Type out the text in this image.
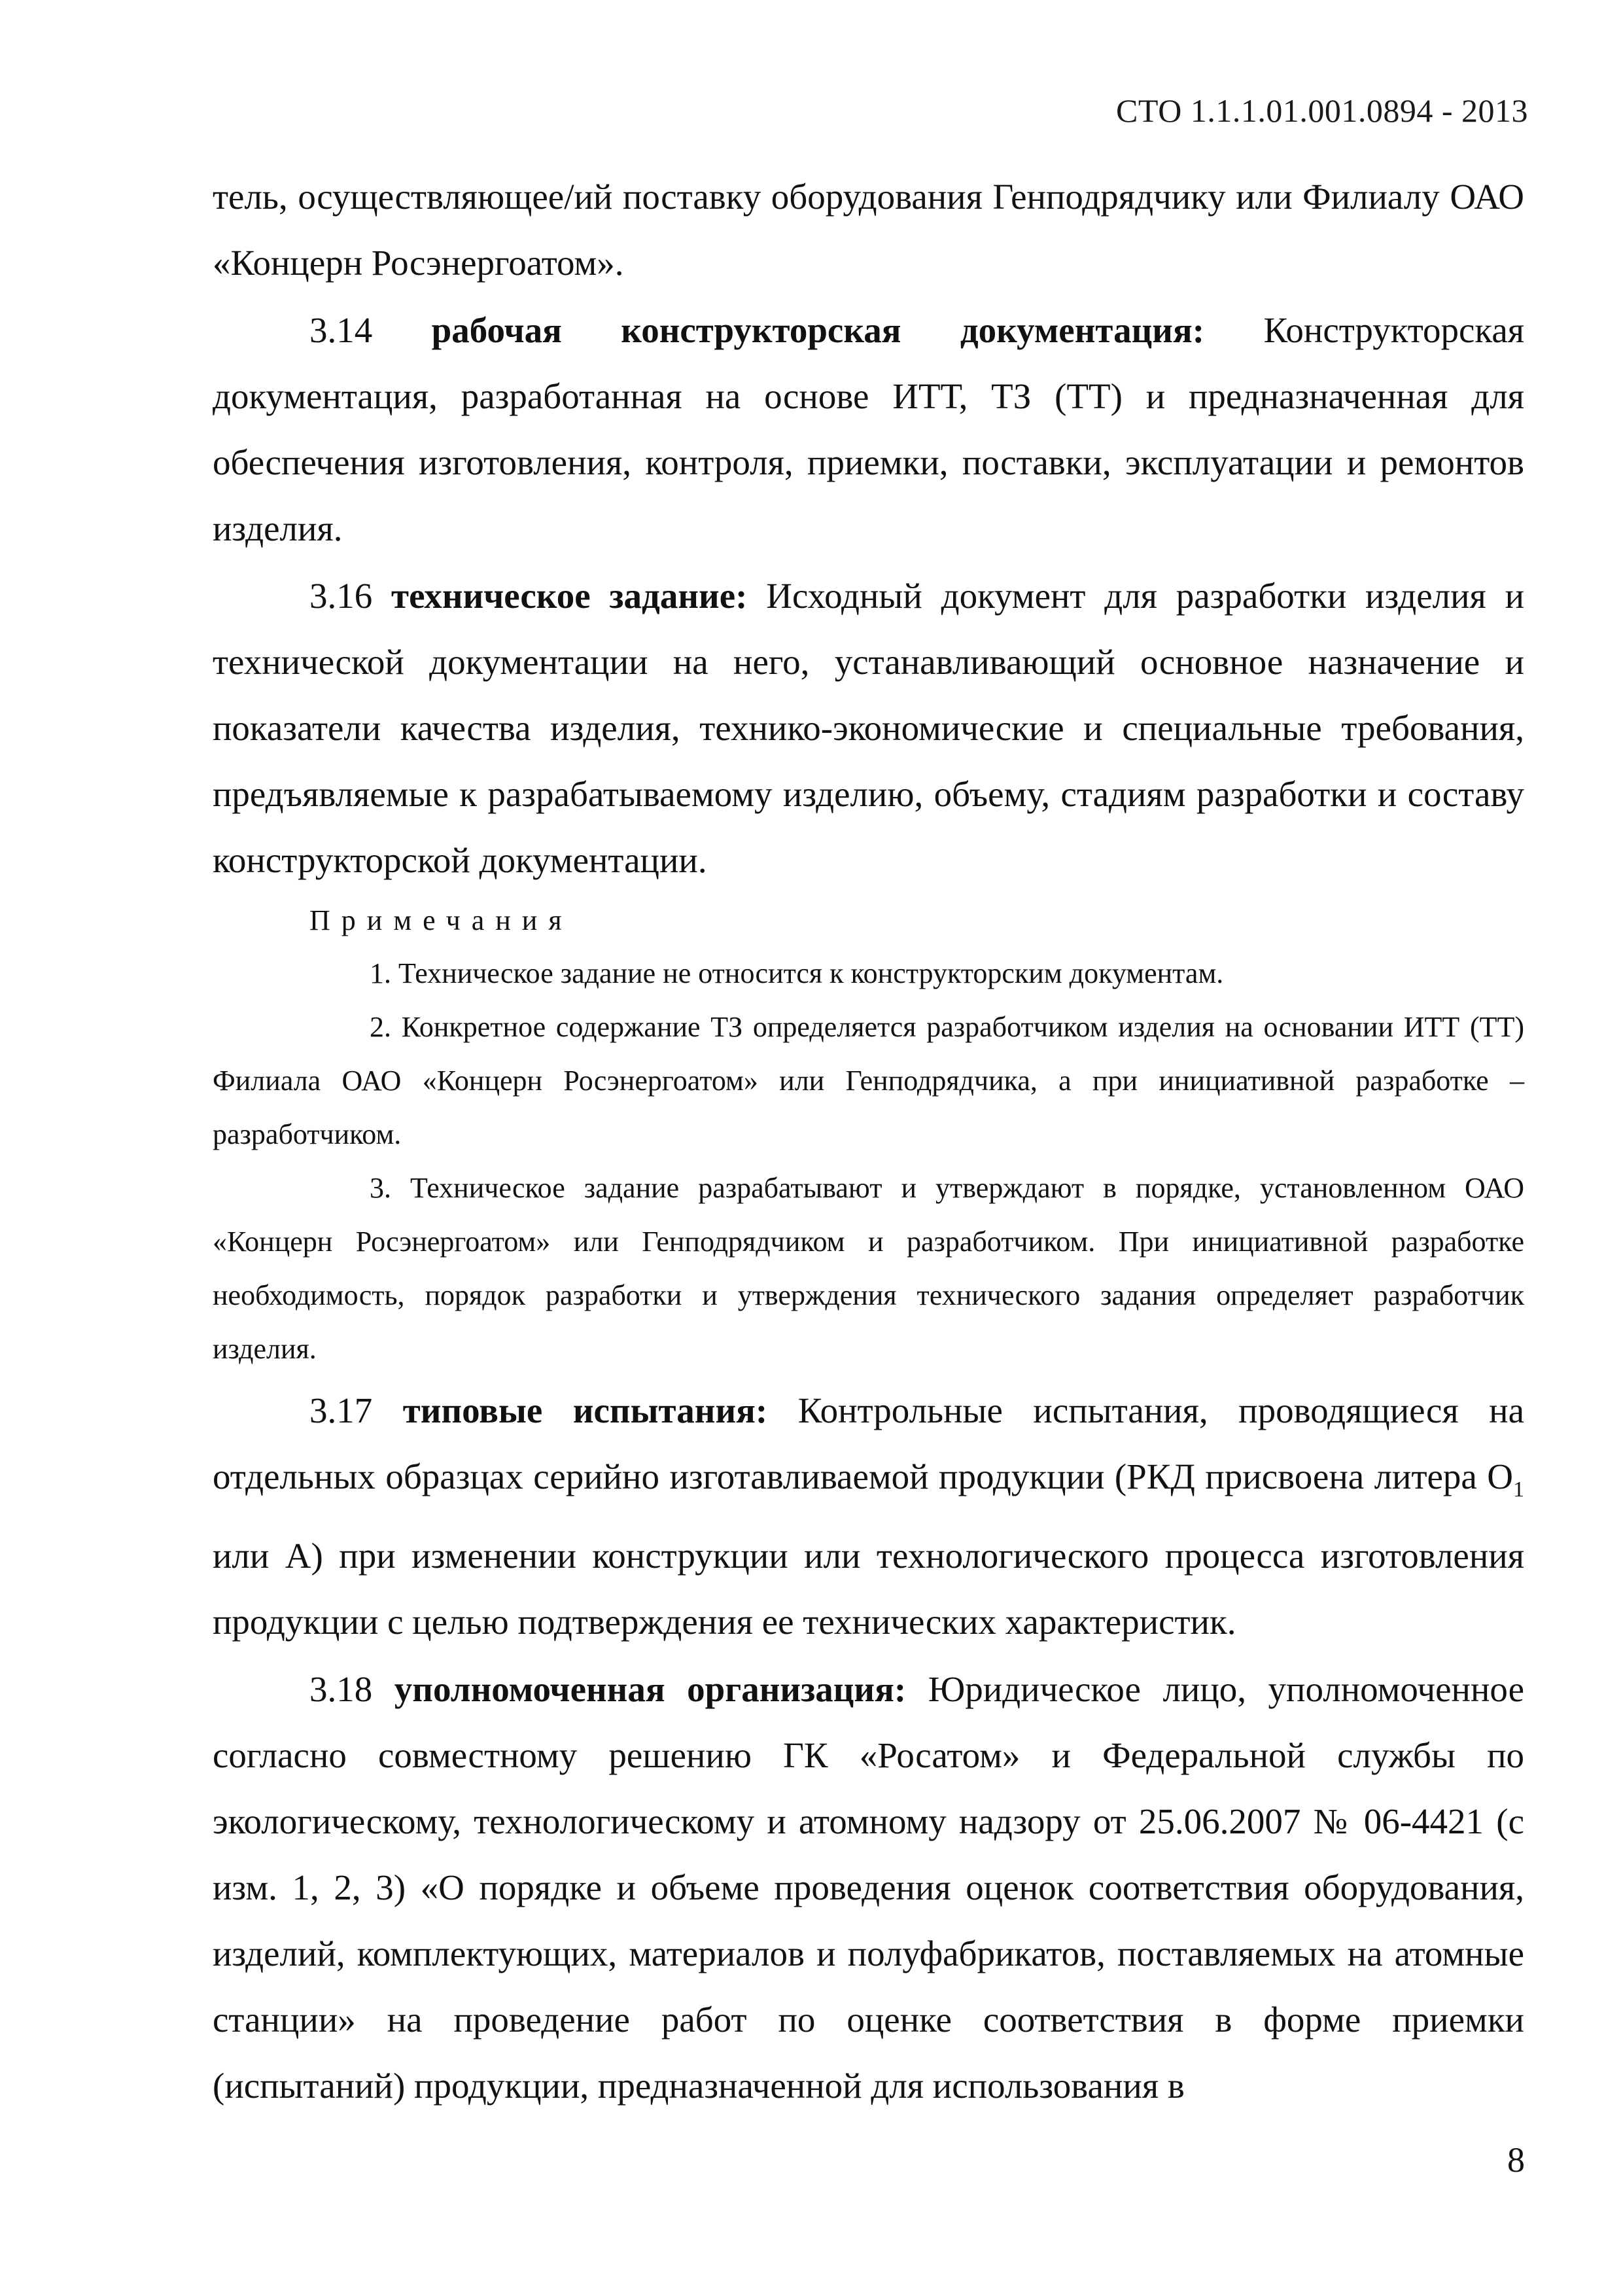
СТО 1.1.1.01.001.0894 - 2013

тель, осуществляющее/ий поставку оборудования Генподрядчику или Филиалу ОАО «Концерн Росэнергоатом».

3.14 рабочая конструкторская документация: Конструкторская документация, разработанная на основе ИТТ, ТЗ (ТТ) и предназначенная для обеспечения изготовления, контроля, приемки, поставки, эксплуатации и ремонтов изделия.

3.16 техническое задание: Исходный документ для разработки изделия и технической документации на него, устанавливающий основное назначение и показатели качества изделия, технико-экономические и специальные требования, предъявляемые к разрабатываемому изделию, объему, стадиям разработки и составу конструкторской документации.

Примечания

1. Техническое задание не относится к конструкторским документам.

2. Конкретное содержание ТЗ определяется разработчиком изделия на основании ИТТ (ТТ) Филиала ОАО «Концерн Росэнергоатом» или Генподрядчика, а при инициативной разработке – разработчиком.

3. Техническое задание разрабатывают и утверждают в порядке, установленном ОАО «Концерн Росэнергоатом» или Генподрядчиком и разработчиком. При инициативной разработке необходимость, порядок разработки и утверждения технического задания определяет разработчик изделия.

3.17 типовые испытания: Контрольные испытания, проводящиеся на отдельных образцах серийно изготавливаемой продукции (РКД присвоена литера $О_1$ или А) при изменении конструкции или технологического процесса изготовления продукции с целью подтверждения ее технических характеристик.

3.18 уполномоченная организация: Юридическое лицо, уполномоченное согласно совместному решению ГК «Росатом» и Федеральной службы по экологическому, технологическому и атомному надзору от 25.06.2007 № 06-4421 (с изм. 1, 2, 3) «О порядке и объеме проведения оценок соответствия оборудования, изделий, комплектующих, материалов и полуфабрикатов, поставляемых на атомные станции» на проведение работ по оценке соответствия в форме приемки (испытаний) продукции, предназначенной для использования в

8
